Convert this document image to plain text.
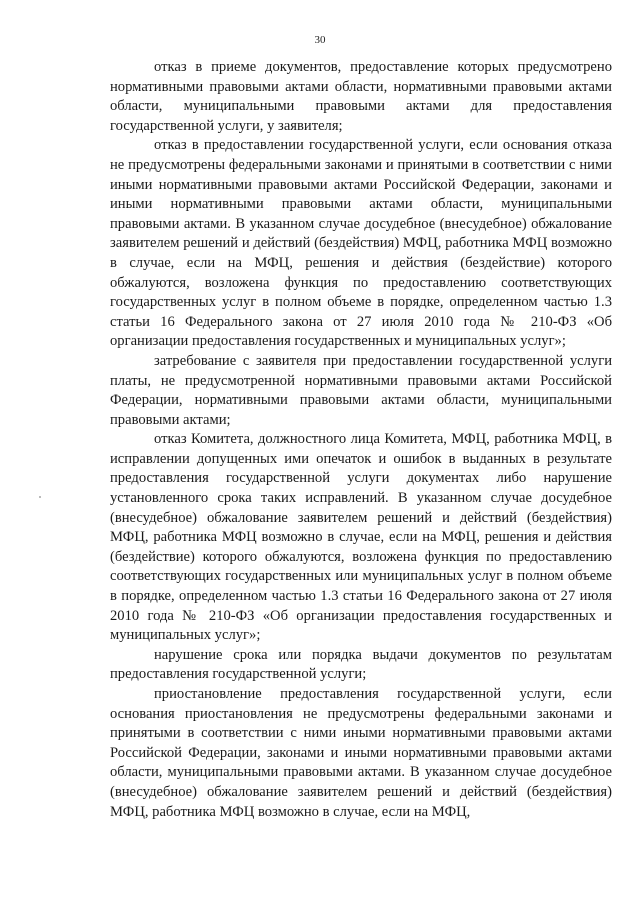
30

отказ в приеме документов, предоставление которых предусмотрено нормативными правовыми актами области, нормативными правовыми актами области, муниципальными правовыми актами для предоставления государственной услуги, у заявителя;

отказ в предоставлении государственной услуги, если основания отказа не предусмотрены федеральными законами и принятыми в соответствии с ними иными нормативными правовыми актами Российской Федерации, законами и иными нормативными правовыми актами области, муниципальными правовыми актами. В указанном случае досудебное (внесудебное) обжалование заявителем решений и действий (бездействия) МФЦ, работника МФЦ возможно в случае, если на МФЦ, решения и действия (бездействие) которого обжалуются, возложена функция по предоставлению соответствующих государственных услуг в полном объеме в порядке, определенном частью 1.3 статьи 16 Федерального закона от 27 июля 2010 года № 210-ФЗ «Об организации предоставления государственных и муниципальных услуг»;

затребование с заявителя при предоставлении государственной услуги платы, не предусмотренной нормативными правовыми актами Российской Федерации, нормативными правовыми актами области, муниципальными правовыми актами;

отказ Комитета, должностного лица Комитета, МФЦ, работника МФЦ, в исправлении допущенных ими опечаток и ошибок в выданных в результате предоставления государственной услуги документах либо нарушение установленного срока таких исправлений. В указанном случае досудебное (внесудебное) обжалование заявителем решений и действий (бездействия) МФЦ, работника МФЦ возможно в случае, если на МФЦ, решения и действия (бездействие) которого обжалуются, возложена функция по предоставлению соответствующих государственных или муниципальных услуг в полном объеме в порядке, определенном частью 1.3 статьи 16 Федерального закона от 27 июля 2010 года № 210-ФЗ «Об организации предоставления государственных и муниципальных услуг»;

нарушение срока или порядка выдачи документов по результатам предоставления государственной услуги;

приостановление предоставления государственной услуги, если основания приостановления не предусмотрены федеральными законами и принятыми в соответствии с ними иными нормативными правовыми актами Российской Федерации, законами и иными нормативными правовыми актами области, муниципальными правовыми актами. В указанном случае досудебное (внесудебное) обжалование заявителем решений и действий (бездействия) МФЦ, работника МФЦ возможно в случае, если на МФЦ,
